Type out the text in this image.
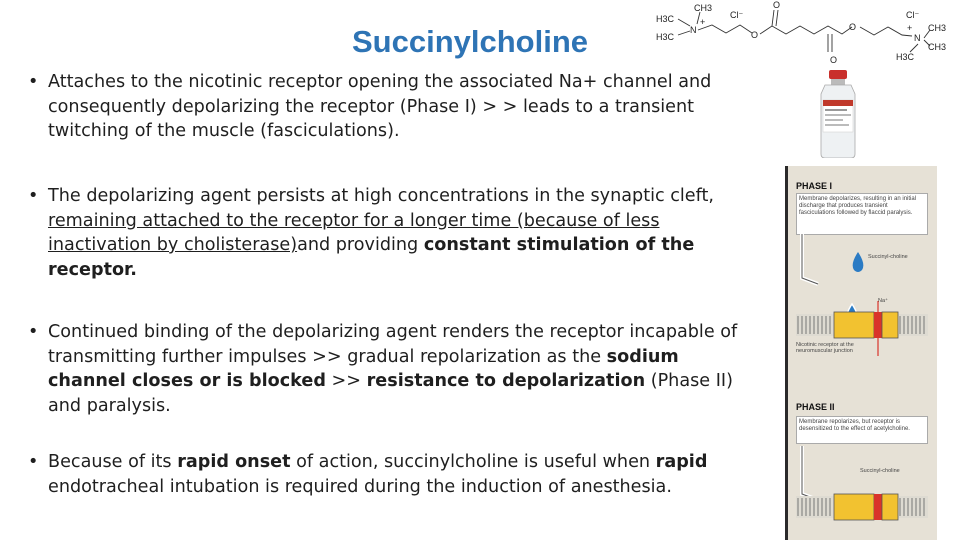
Succinylcholine
• Attaches to the nicotinic receptor opening the associated Na+ channel and consequently depolarizing the receptor (Phase I) > > leads to a transient twitching of the muscle (fasciculations).
• The depolarizing agent persists at high concentrations in the synaptic cleft, remaining attached to the receptor for a longer time (because of less inactivation by cholisterase)and providing constant stimulation of the receptor.
• Continued binding of the depolarizing agent renders the receptor incapable of transmitting further impulses >> gradual repolarization as the sodium channel closes or is blocked >> resistance to depolarization (Phase II) and paralysis.
• Because of its rapid onset of action, succinylcholine is useful when rapid endotracheal intubation is required during the induction of anesthesia.
CH3
H3C
H3C
N
+
Cl⁻
O
O
O
O
Cl⁻
+
N
CH3
CH3
H3C
PHASE I
Membrane depolarizes, resulting in an initial discharge that produces transient fasciculations followed by flaccid paralysis.
Succinyl-choline
Na⁺
Nicotinic receptor at the neuromuscular junction
PHASE II
Membrane repolarizes, but receptor is desensitized to the effect of acetylcholine.
Succinyl-choline
